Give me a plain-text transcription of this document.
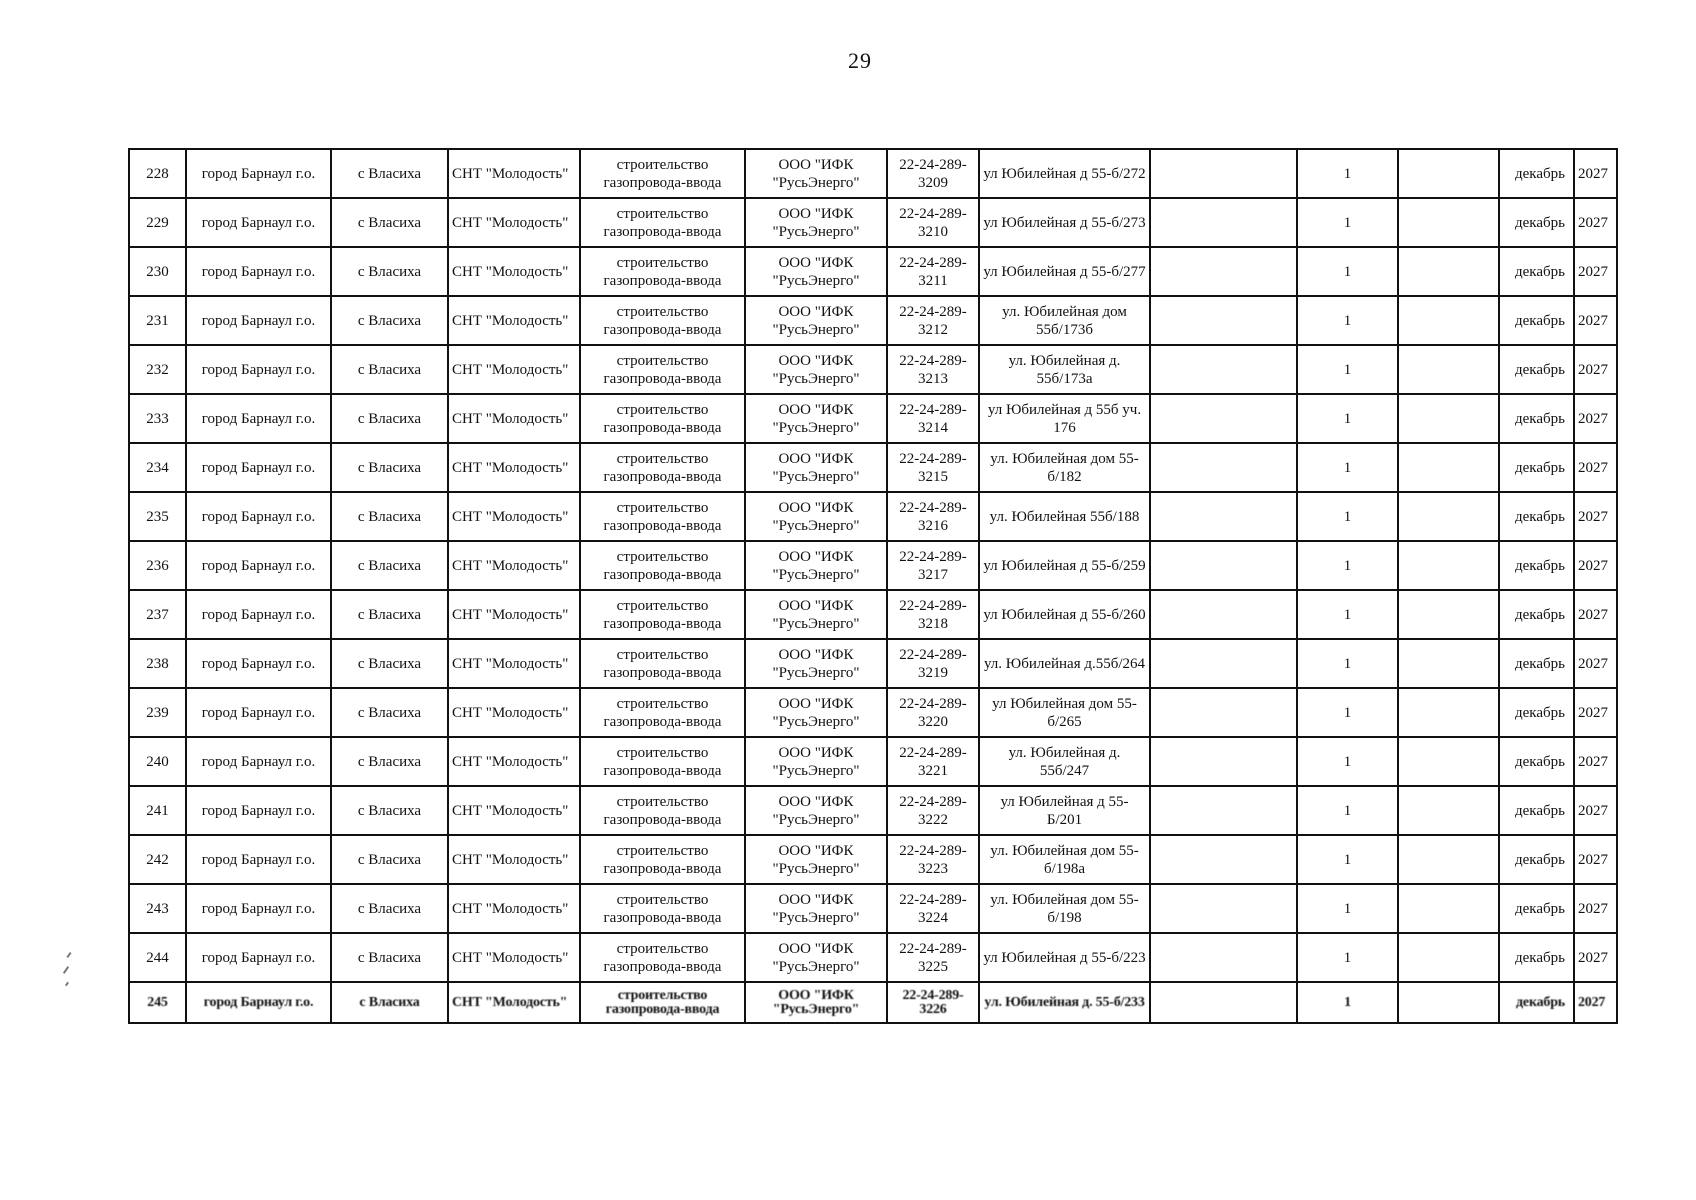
29
228	город Барнаул г.о.	с Власиха	СНТ "Молодость"	строительство газопровода-ввода	ООО "ИФК "РусьЭнерго"	22-24-289-3209	ул Юбилейная д 55-б/272		1		декабрь	2027
229	город Барнаул г.о.	с Власиха	СНТ "Молодость"	строительство газопровода-ввода	ООО "ИФК "РусьЭнерго"	22-24-289-3210	ул Юбилейная д 55-б/273		1		декабрь	2027
230	город Барнаул г.о.	с Власиха	СНТ "Молодость"	строительство газопровода-ввода	ООО "ИФК "РусьЭнерго"	22-24-289-3211	ул Юбилейная д 55-б/277		1		декабрь	2027
231	город Барнаул г.о.	с Власиха	СНТ "Молодость"	строительство газопровода-ввода	ООО "ИФК "РусьЭнерго"	22-24-289-3212	ул. Юбилейная дом 55б/173б		1		декабрь	2027
232	город Барнаул г.о.	с Власиха	СНТ "Молодость"	строительство газопровода-ввода	ООО "ИФК "РусьЭнерго"	22-24-289-3213	ул. Юбилейная д. 55б/173а		1		декабрь	2027
233	город Барнаул г.о.	с Власиха	СНТ "Молодость"	строительство газопровода-ввода	ООО "ИФК "РусьЭнерго"	22-24-289-3214	ул Юбилейная д 55б уч. 176		1		декабрь	2027
234	город Барнаул г.о.	с Власиха	СНТ "Молодость"	строительство газопровода-ввода	ООО "ИФК "РусьЭнерго"	22-24-289-3215	ул. Юбилейная дом 55-б/182		1		декабрь	2027
235	город Барнаул г.о.	с Власиха	СНТ "Молодость"	строительство газопровода-ввода	ООО "ИФК "РусьЭнерго"	22-24-289-3216	ул. Юбилейная 55б/188		1		декабрь	2027
236	город Барнаул г.о.	с Власиха	СНТ "Молодость"	строительство газопровода-ввода	ООО "ИФК "РусьЭнерго"	22-24-289-3217	ул Юбилейная д 55-б/259		1		декабрь	2027
237	город Барнаул г.о.	с Власиха	СНТ "Молодость"	строительство газопровода-ввода	ООО "ИФК "РусьЭнерго"	22-24-289-3218	ул Юбилейная д 55-б/260		1		декабрь	2027
238	город Барнаул г.о.	с Власиха	СНТ "Молодость"	строительство газопровода-ввода	ООО "ИФК "РусьЭнерго"	22-24-289-3219	ул. Юбилейная д.55б/264		1		декабрь	2027
239	город Барнаул г.о.	с Власиха	СНТ "Молодость"	строительство газопровода-ввода	ООО "ИФК "РусьЭнерго"	22-24-289-3220	ул Юбилейная дом 55-б/265		1		декабрь	2027
240	город Барнаул г.о.	с Власиха	СНТ "Молодость"	строительство газопровода-ввода	ООО "ИФК "РусьЭнерго"	22-24-289-3221	ул. Юбилейная д. 55б/247		1		декабрь	2027
241	город Барнаул г.о.	с Власиха	СНТ "Молодость"	строительство газопровода-ввода	ООО "ИФК "РусьЭнерго"	22-24-289-3222	ул Юбилейная д 55-Б/201		1		декабрь	2027
242	город Барнаул г.о.	с Власиха	СНТ "Молодость"	строительство газопровода-ввода	ООО "ИФК "РусьЭнерго"	22-24-289-3223	ул. Юбилейная дом 55-б/198а		1		декабрь	2027
243	город Барнаул г.о.	с Власиха	СНТ "Молодость"	строительство газопровода-ввода	ООО "ИФК "РусьЭнерго"	22-24-289-3224	ул. Юбилейная дом 55-б/198		1		декабрь	2027
244	город Барнаул г.о.	с Власиха	СНТ "Молодость"	строительство газопровода-ввода	ООО "ИФК "РусьЭнерго"	22-24-289-3225	ул Юбилейная д 55-б/223		1		декабрь	2027
245	город Барнаул г.о.	с Власиха	СНТ "Молодость"	строительство газопровода-ввода	ООО "ИФК "РусьЭнерго"	22-24-289-3226	ул. Юбилейная д. 55-б/233		1		декабрь	2027
